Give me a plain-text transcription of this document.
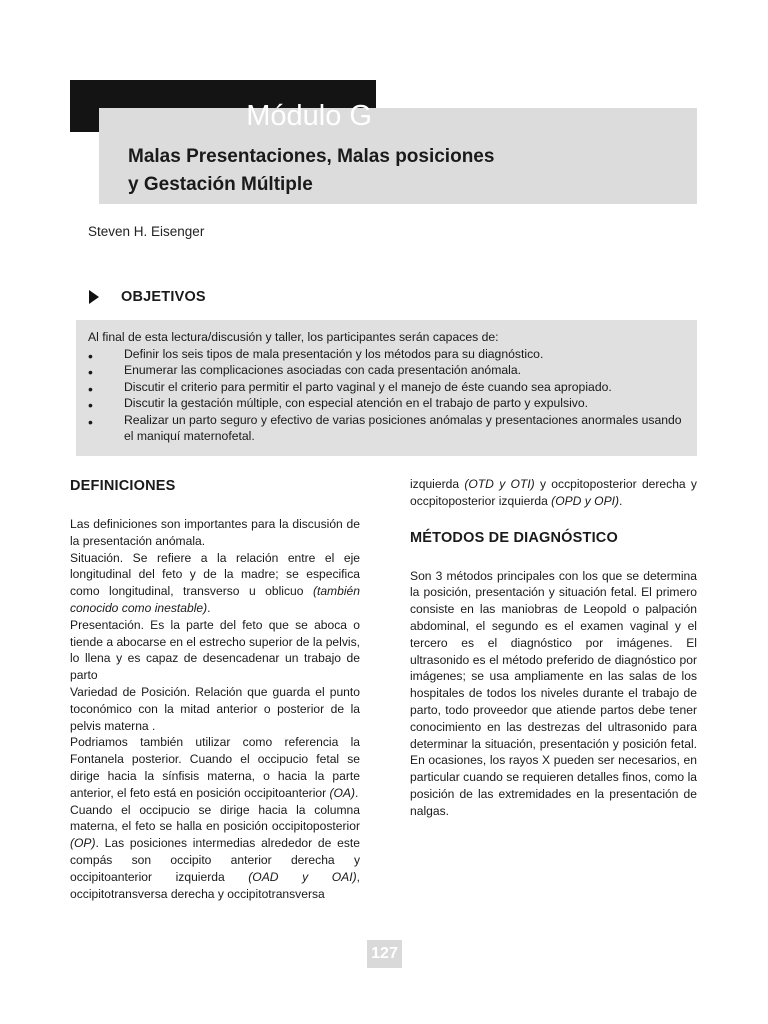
Módulo G
Malas Presentaciones, Malas posiciones
y Gestación Múltiple
Steven H. Eisenger
OBJETIVOS
Al final de esta lectura/discusión y taller, los participantes serán capaces de:
•	Definir los seis tipos de mala presentación y los métodos para su diagnóstico.
•	Enumerar las complicaciones asociadas con cada presentación anómala.
•	Discutir el criterio para permitir el parto vaginal y el manejo de éste cuando sea apropiado.
•	Discutir la gestación múltiple, con especial atención en el trabajo de parto y expulsivo.
•	Realizar un parto seguro y efectivo de varias posiciones anómalas y presentaciones anormales usando el maniquí maternofetal.
DEFINICIONES

Las definiciones son importantes para la discusión de la presentación anómala.

Situación. Se refiere a la relación entre el eje longitudinal del feto y de la madre; se especifica como longitudinal, transverso u oblicuo (también conocido como inestable).

Presentación. Es la parte del feto que se aboca o tiende a abocarse en el estrecho superior de la pelvis, lo llena y es capaz de desencadenar un trabajo de parto

Variedad de Posición. Relación que guarda el punto toconómico con la mitad anterior o posterior de la pelvis materna .

Podriamos también utilizar como referencia la Fontanela posterior. Cuando el occipucio fetal se dirige hacia la sínfisis materna, o hacia la parte anterior, el feto está en posición occipitoanterior (OA).

Cuando el occipucio se dirige hacia la columna materna, el feto se halla en posición occipitoposterior (OP). Las posiciones intermedias alrededor de este compás son occipito anterior derecha y occipitoanterior izquierda (OAD y OAI), occipitotransversa derecha y occipitotransversa

izquierda (OTD y OTI) y occpitoposterior derecha y occpitoposterior izquierda (OPD y OPI).

MÉTODOS DE DIAGNÓSTICO

Son 3 métodos principales con los que se determina la posición, presentación y situación fetal. El primero consiste en las maniobras de Leopold o palpación abdominal, el segundo es el examen vaginal y el tercero es el diagnóstico por imágenes. El ultrasonido es el método preferido de diagnóstico por imágenes; se usa ampliamente en las salas de los hospitales de todos los niveles durante el trabajo de parto, todo proveedor que atiende partos debe tener conocimiento en las destrezas del ultrasonido para determinar la situación, presentación y posición fetal. En ocasiones, los rayos X pueden ser necesarios, en particular cuando se requieren detalles finos, como la posición de las extremidades en la presentación de nalgas.

127
